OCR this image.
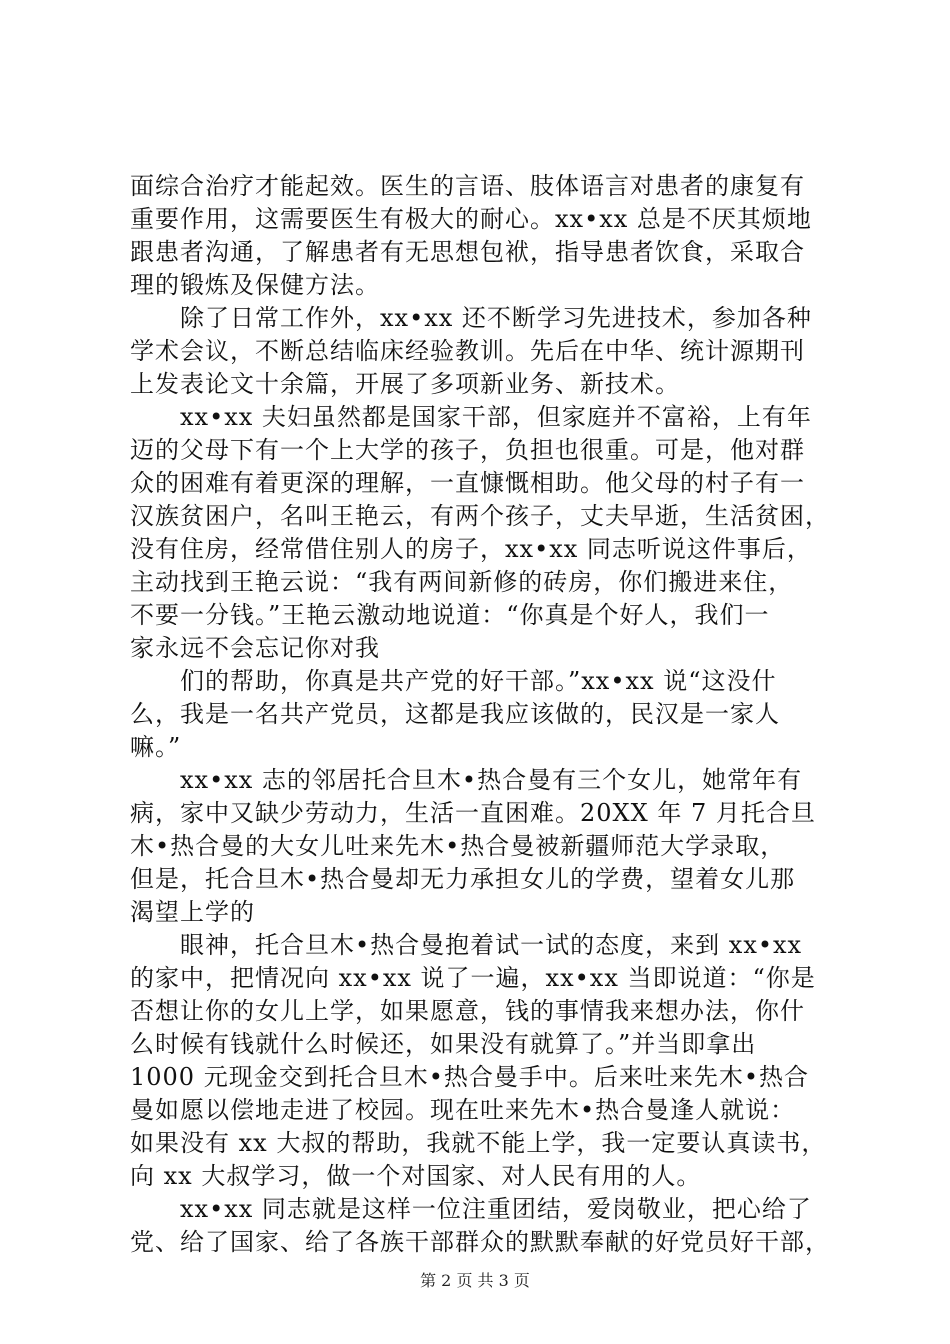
面综合治疗才能起效。医生的言语、肢体语言对患者的康复有
重要作用，这需要医生有极大的耐心。xx•xx 总是不厌其烦地
跟患者沟通，了解患者有无思想包袱，指导患者饮食，采取合
理的锻炼及保健方法。
除了日常工作外，xx•xx 还不断学习先进技术，参加各种
学术会议，不断总结临床经验教训。先后在中华、统计源期刊
上发表论文十余篇，开展了多项新业务、新技术。
xx•xx 夫妇虽然都是国家干部，但家庭并不富裕，上有年
迈的父母下有一个上大学的孩子，负担也很重。可是，他对群
众的困难有着更深的理解，一直慷慨相助。他父母的村子有一
汉族贫困户，名叫王艳云，有两个孩子，丈夫早逝，生活贫困，
没有住房，经常借住别人的房子，xx•xx 同志听说这件事后，
主动找到王艳云说：“我有两间新修的砖房，你们搬进来住，
不要一分钱。”王艳云激动地说道：“你真是个好人，我们一
家永远不会忘记你对我
们的帮助，你真是共产党的好干部。”xx•xx 说“这没什
么，我是一名共产党员，这都是我应该做的，民汉是一家人
嘛。”
xx•xx 志的邻居托合旦木•热合曼有三个女儿，她常年有
病，家中又缺少劳动力，生活一直困难。20XX 年 7 月托合旦
木•热合曼的大女儿吐来先木•热合曼被新疆师范大学录取，
但是，托合旦木•热合曼却无力承担女儿的学费，望着女儿那
渴望上学的
眼神，托合旦木•热合曼抱着试一试的态度，来到 xx•xx
的家中，把情况向 xx•xx 说了一遍，xx•xx 当即说道：“你是
否想让你的女儿上学，如果愿意，钱的事情我来想办法，你什
么时候有钱就什么时候还，如果没有就算了。”并当即拿出
1000 元现金交到托合旦木•热合曼手中。后来吐来先木•热合
曼如愿以偿地走进了校园。现在吐来先木•热合曼逢人就说：
如果没有 xx 大叔的帮助，我就不能上学，我一定要认真读书，
向 xx 大叔学习，做一个对国家、对人民有用的人。
xx•xx 同志就是这样一位注重团结，爱岗敬业，把心给了
党、给了国家、给了各族干部群众的默默奉献的好党员好干部，
第 2 页 共 3 页
